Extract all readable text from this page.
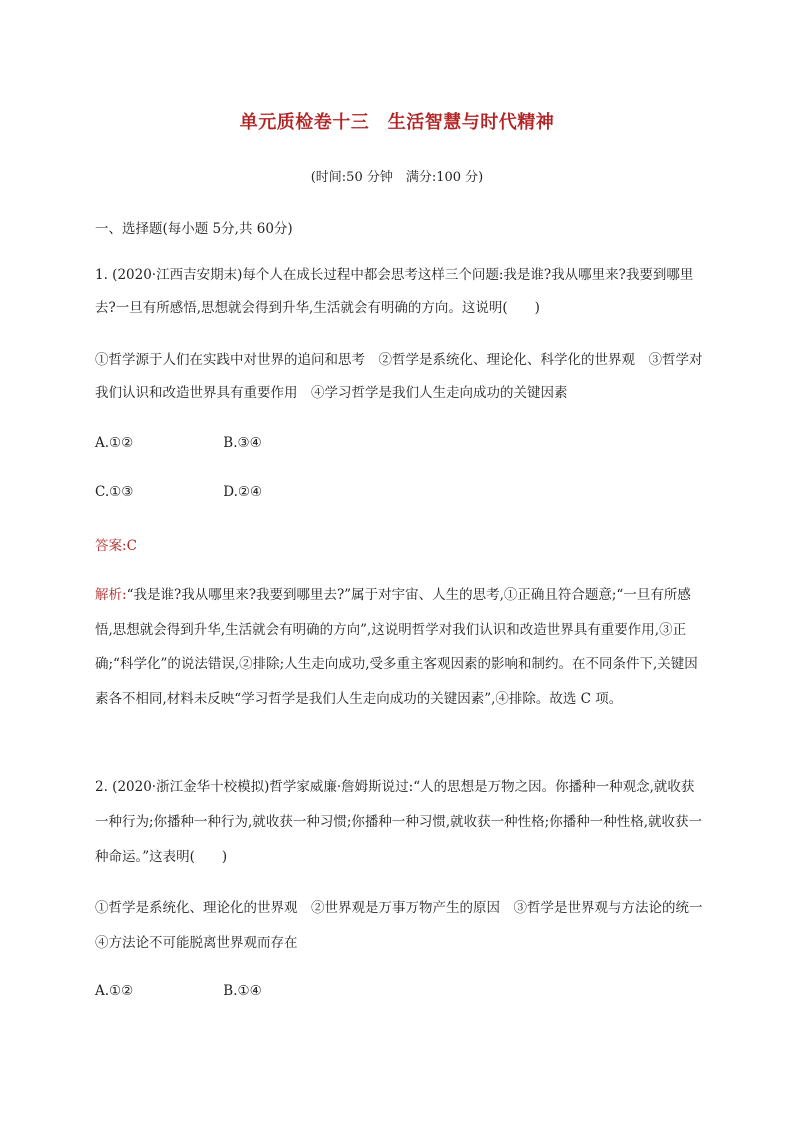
单元质检卷十三　生活智慧与时代精神
(时间:50 分钟　满分:100 分)
一、选择题(每小题 5分,共 60分)
1. (2020·江西吉安期末)每个人在成长过程中都会思考这样三个问题:我是谁?我从哪里来?我要到哪里去?一旦有所感悟,思想就会得到升华,生活就会有明确的方向。这说明(　　)
①哲学源于人们在实践中对世界的追问和思考　②哲学是系统化、理论化、科学化的世界观　③哲学对我们认识和改造世界具有重要作用　④学习哲学是我们人生走向成功的关键因素
A.①②	B.③④
C.①③	D.②④
答案:C
解析:“我是谁?我从哪里来?我要到哪里去?”属于对宇宙、人生的思考,①正确且符合题意;“一旦有所感悟,思想就会得到升华,生活就会有明确的方向”,这说明哲学对我们认识和改造世界具有重要作用,③正确;“科学化”的说法错误,②排除;人生走向成功,受多重主客观因素的影响和制约。在不同条件下,关键因素各不相同,材料未反映“学习哲学是我们人生走向成功的关键因素”,④排除。故选 C 项。
2. (2020·浙江金华十校模拟)哲学家威廉·詹姆斯说过:“人的思想是万物之因。你播种一种观念,就收获一种行为;你播种一种行为,就收获一种习惯;你播种一种习惯,就收获一种性格;你播种一种性格,就收获一种命运。”这表明(　　)
①哲学是系统化、理论化的世界观　②世界观是万事万物产生的原因　③哲学是世界观与方法论的统一　④方法论不可能脱离世界观而存在
A.①②	B.①④
